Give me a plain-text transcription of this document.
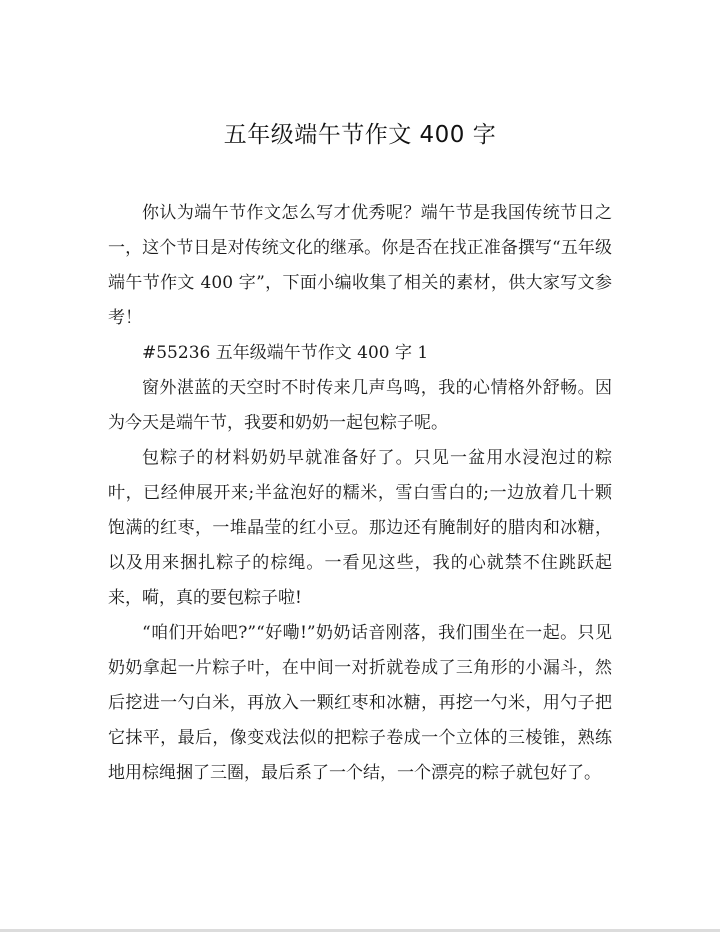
五年级端午节作文 400 字

你认为端午节作文怎么写才优秀呢？端午节是我国传统节日之一，这个节日是对传统文化的继承。你是否在找正准备撰写“五年级端午节作文 400 字”，下面小编收集了相关的素材，供大家写文参考！

#55236 五年级端午节作文 400 字 1

窗外湛蓝的天空时不时传来几声鸟鸣，我的心情格外舒畅。因为今天是端午节，我要和奶奶一起包粽子呢。

包粽子的材料奶奶早就准备好了。只见一盆用水浸泡过的粽叶，已经伸展开来;半盆泡好的糯米，雪白雪白的;一边放着几十颗饱满的红枣，一堆晶莹的红小豆。那边还有腌制好的腊肉和冰糖，以及用来捆扎粽子的棕绳。一看见这些，我的心就禁不住跳跃起来，嗬，真的要包粽子啦!

“咱们开始吧?”“好嘞!”奶奶话音刚落，我们围坐在一起。只见奶奶拿起一片粽子叶，在中间一对折就卷成了三角形的小漏斗，然后挖进一勺白米，再放入一颗红枣和冰糖，再挖一勺米，用勺子把它抹平，最后，像变戏法似的把粽子卷成一个立体的三棱锥，熟练地用棕绳捆了三圈，最后系了一个结，一个漂亮的粽子就包好了。
